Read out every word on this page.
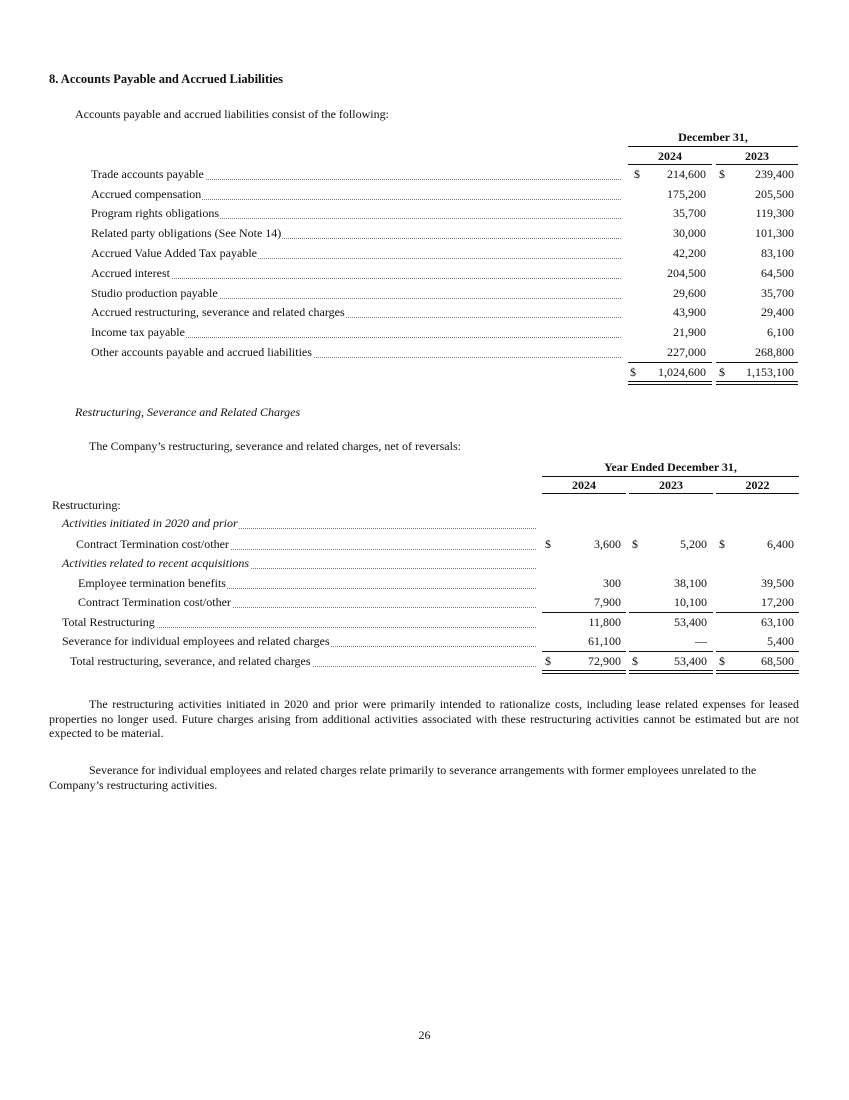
8. Accounts Payable and Accrued Liabilities
Accounts payable and accrued liabilities consist of the following:
December 31,
2024	2023
Trade accounts payable	$ 214,600 $	239,400
Accrued compensation	175,200	205,500
Program rights obligations	35,700	119,300
Related party obligations (See Note 14)	30,000	101,300
Accrued Value Added Tax payable	42,200	83,100
Accrued interest	204,500	64,500
Studio production payable	29,600	35,700
Accrued restructuring, severance and related charges	43,900	29,400
Income tax payable	21,900	6,100
Other accounts payable and accrued liabilities	227,000	268,800
$ 1,024,600 $ 1,153,100
Restructuring, Severance and Related Charges
The Company’s restructuring, severance and related charges, net of reversals:
Year Ended December 31,
2024	2023	2022
Restructuring:
Activities initiated in 2020 and prior
Contract Termination cost/other	$	3,600 $	5,200 $	6,400
Activities related to recent acquisitions
Employee termination benefits	300	38,100	39,500
Contract Termination cost/other	7,900	10,100	17,200
Total Restructuring	11,800	53,400	63,100
Severance for individual employees and related charges	61,100	—	5,400
Total restructuring, severance, and related charges	$	72,900 $	53,400 $	68,500
The restructuring activities initiated in 2020 and prior were primarily intended to rationalize costs, including lease related expenses for leased properties no longer used. Future charges arising from additional activities associated with these restructuring activities cannot be estimated but are not expected to be material.
Severance for individual employees and related charges relate primarily to severance arrangements with former employees unrelated to the Company’s restructuring activities.
26
